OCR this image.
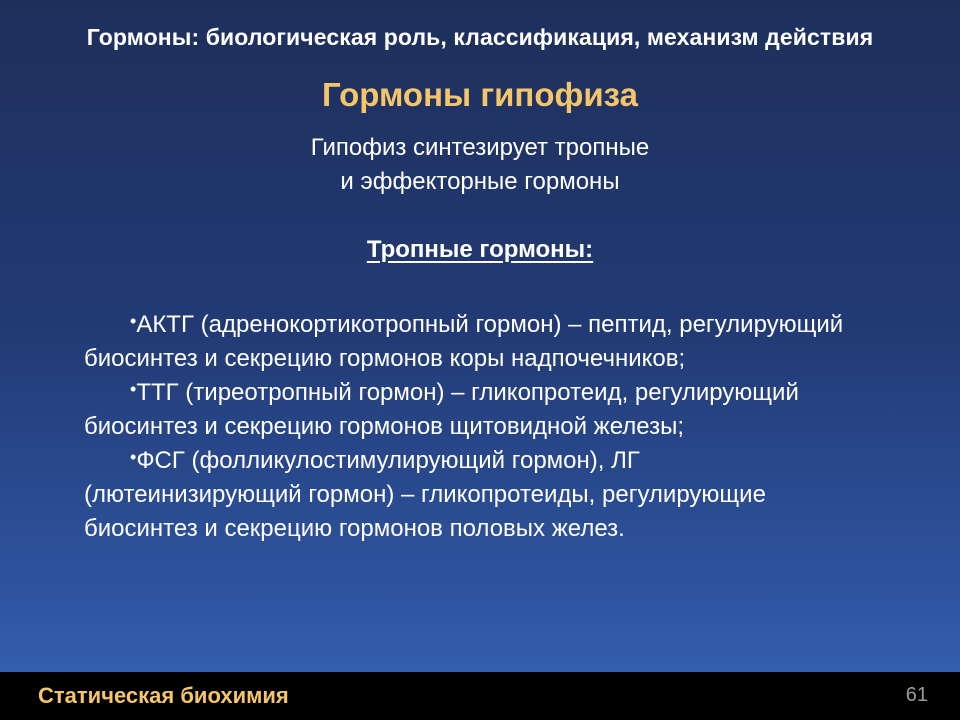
Гормоны: биологическая роль, классификация, механизм действия
Гормоны гипофиза
Гипофиз синтезирует тропные
и эффекторные гормоны
Тропные гормоны:

•АКТГ (адренокортикотропный гормон) – пептид, регулирующий биосинтез и секрецию гормонов коры надпочечников;

•ТТГ (тиреотропный гормон) – гликопротеид, регулирующий биосинтез и секрецию гормонов щитовидной железы;

•ФСГ (фолликулостимулирующий гормон), ЛГ (лютеинизирующий гормон) – гликопротеиды, регулирующие биосинтез и секрецию гормонов половых желез.

Статическая биохимия	61
